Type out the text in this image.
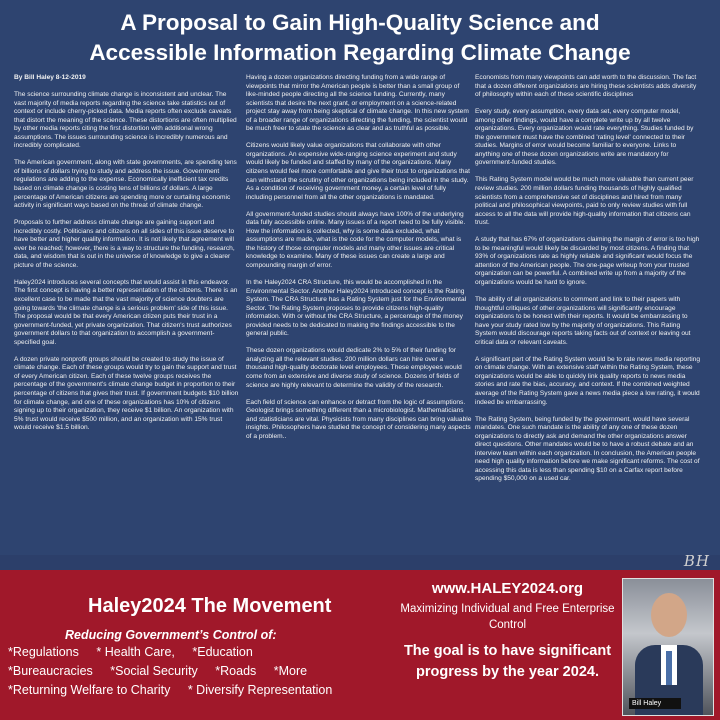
A Proposal to Gain High-Quality Science and
Accessible Information Regarding Climate Change

By Bill Haley 8-12-2019

The science surrounding climate change is inconsistent and unclear. The vast majority of media reports regarding the science take statistics out of context or include cherry-picked data. Media reports often exclude caveats that distort the meaning of the science. These distortions are often multiplied by other media reports citing the first distortion with additional wrong assumptions. The issues surrounding science is incredibly numerous and incredibly complicated.

The American government, along with state governments, are spending tens of billions of dollars trying to study and address the issue. Government regulations are adding to the expense. Economically inefficient tax credits based on climate change is costing tens of billions of dollars. A large percentage of American citizens are spending more or curtailing economic activity in significant ways based on the threat of climate change.

Proposals to further address climate change are gaining support and incredibly costly. Politicians and citizens on all sides of this issue deserve to have better and higher quality information. It is not likely that agreement will ever be reached; however, there is a way to structure the funding, research, data, and wisdom that is out in the universe of knowledge to give a clearer picture of the science.

Haley2024 introduces several concepts that would assist in this endeavor. The first concept is having a better representation of the citizens. There is an excellent case to be made that the vast majority of science doubters are going towards 'the climate change is a serious problem' side of this issue. The proposal would be that every American citizen puts their trust in a government-funded, yet private organization. That citizen's trust authorizes government dollars to that organization to accomplish a government-specified goal.

A dozen private nonprofit groups should be created to study the issue of climate change. Each of these groups would try to gain the support and trust of every American citizen. Each of these twelve groups receives the percentage of the government's climate change budget in proportion to their percentage of citizens that gives their trust. If government budgets $10 billion for climate change, and one of these organizations has 10% of citizens signing up to their organization, they receive $1 billion. An organization with 5% trust would receive $500 million, and an organization with 15% trust would receive $1.5 billion.

Having a dozen organizations directing funding from a wide range of viewpoints that mirror the American people is better than a small group of like-minded people directing all the science funding. Currently, many scientists that desire the next grant, or employment on a science-related project stay away from being skeptical of climate change. In this new system of a broader range of organizations directing the funding, the scientist would be much freer to state the science as clear and as truthful as possible.

Citizens would likely value organizations that collaborate with other organizations. An expensive wide-ranging science experiment and study would likely be funded and staffed by many of the organizations. Many citizens would feel more comfortable and give their trust to organizations that can withstand the scrutiny of other organizations being included in the study. As a condition of receiving government money, a certain level of fully including personnel from all the other organizations is mandated.

All government-funded studies should always have 100% of the underlying data fully accessible online. Many issues of a report need to be fully visible. How the information is collected, why is some data excluded, what assumptions are made, what is the code for the computer models, what is the history of those computer models and many other issues are critical knowledge to examine. Many of these issues can create a large and compounding margin of error.

In the Haley2024 CRA Structure, this would be accomplished in the Environmental Sector. Another Haley2024 introduced concept is the Rating System. The CRA Structure has a Rating System just for the Environmental Sector. The Rating System proposes to provide citizens high-quality information. With or without the CRA Structure, a percentage of the money provided needs to be dedicated to making the findings accessible to the general public.

These dozen organizations would dedicate 2% to 5% of their funding for analyzing all the relevant studies. 200 million dollars can hire over a thousand high-quality doctorate level employees. These employees would come from an extensive and diverse study of science. Dozens of fields of science are highly relevant to determine the validity of the research.

Each field of science can enhance or detract from the logic of assumptions. Geologist brings something different than a microbiologist. Mathematicians and statisticians are vital. Physicists from many disciplines can bring valuable insights. Philosophers have studied the concept of considering many aspects of a problem..

Economists from many viewpoints can add worth to the discussion. The fact that a dozen different organizations are hiring these scientists adds diversity of philosophy within each of these scientific disciplines

Every study, every assumption, every data set, every computer model, among other findings, would have a complete write up by all twelve organizations. Every organization would rate everything. Studies funded by the government must have the combined 'rating level' connected to their studies. Margins of error would become familiar to everyone. Links to anything one of these dozen organizations write are mandatory for government-funded studies.

This Rating System model would be much more valuable than current peer review studies. 200 million dollars funding thousands of highly qualified scientists from a comprehensive set of disciplines and hired from many political and philosophical viewpoints, paid to only review studies with full access to all the data will provide high-quality information that citizens can trust.

A study that has 67% of organizations claiming the margin of error is too high to be meaningful would likely be discarded by most citizens. A finding that 93% of organizations rate as highly reliable and significant would focus the attention of the American people. The one-page writeup from your trusted organization can be powerful. A combined write up from a majority of the organizations would be hard to ignore.

The ability of all organizations to comment and link to their papers with thoughtful critiques of other organizations will significantly encourage organizations to be honest with their reports. It would be embarrassing to have your study rated low by the majority of organizations. This Rating System would discourage reports taking facts out of context or leaving out critical data or relevant caveats.

A significant part of the Rating System would be to rate news media reporting on climate change. With an extensive staff within the Rating System, these organizations would be able to quickly link quality reports to news media stories and rate the bias, accuracy, and context. If the combined weighted average of the Rating System gave a news media piece a low rating, it would indeed be embarrassing.

The Rating System, being funded by the government, would have several mandates. One such mandate is the ability of any one of these dozen organizations to directly ask and demand the other organizations answer direct questions. Other mandates would be to have a robust debate and an interview team within each organization. In conclusion, the American people need high quality information before we make significant reforms. The cost of accessing this data is less than spending $10 on a Carfax report before spending $50,000 on a used car.

BH
Haley2024 The Movement
Reducing Government’s Control of:
*Regulations * Health Care, *Education
*Bureaucracies *Social Security *Roads *More
*Returning Welfare to Charity * Diversify Representation
www.HALEY2024.org
Maximizing Individual and Free Enterprise Control
The goal is to have significant progress by the year 2024.
Bill Haley
